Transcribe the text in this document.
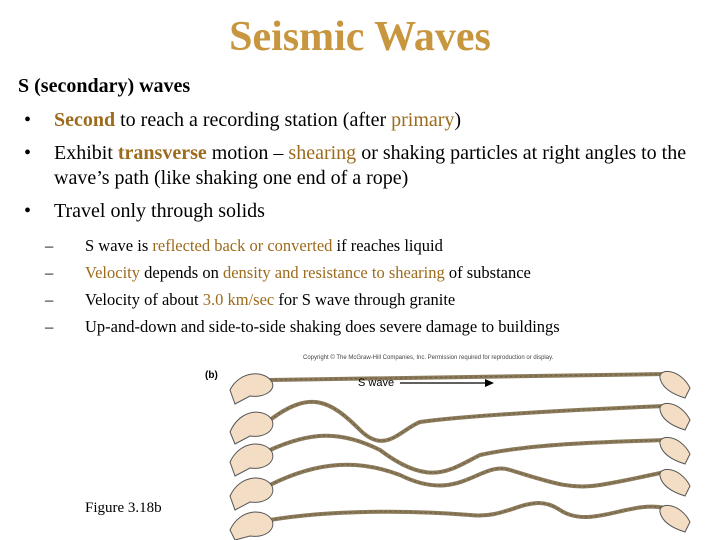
Seismic Waves
S (secondary) waves
• Second to reach a recording station (after primary)
• Exhibit transverse motion – shearing or shaking particles at right angles to the wave’s path (like shaking one end of a rope)
• Travel only through solids
– S wave is reflected back or converted if reaches liquid
– Velocity depends on density and resistance to shearing of substance
– Velocity of about 3.0 km/sec for S wave through granite
– Up-and-down and side-to-side shaking does severe damage to buildings
Copyright © The McGraw-Hill Companies, Inc. Permission required for reproduction or display.
(b)
S wave
Figure 3.18b
